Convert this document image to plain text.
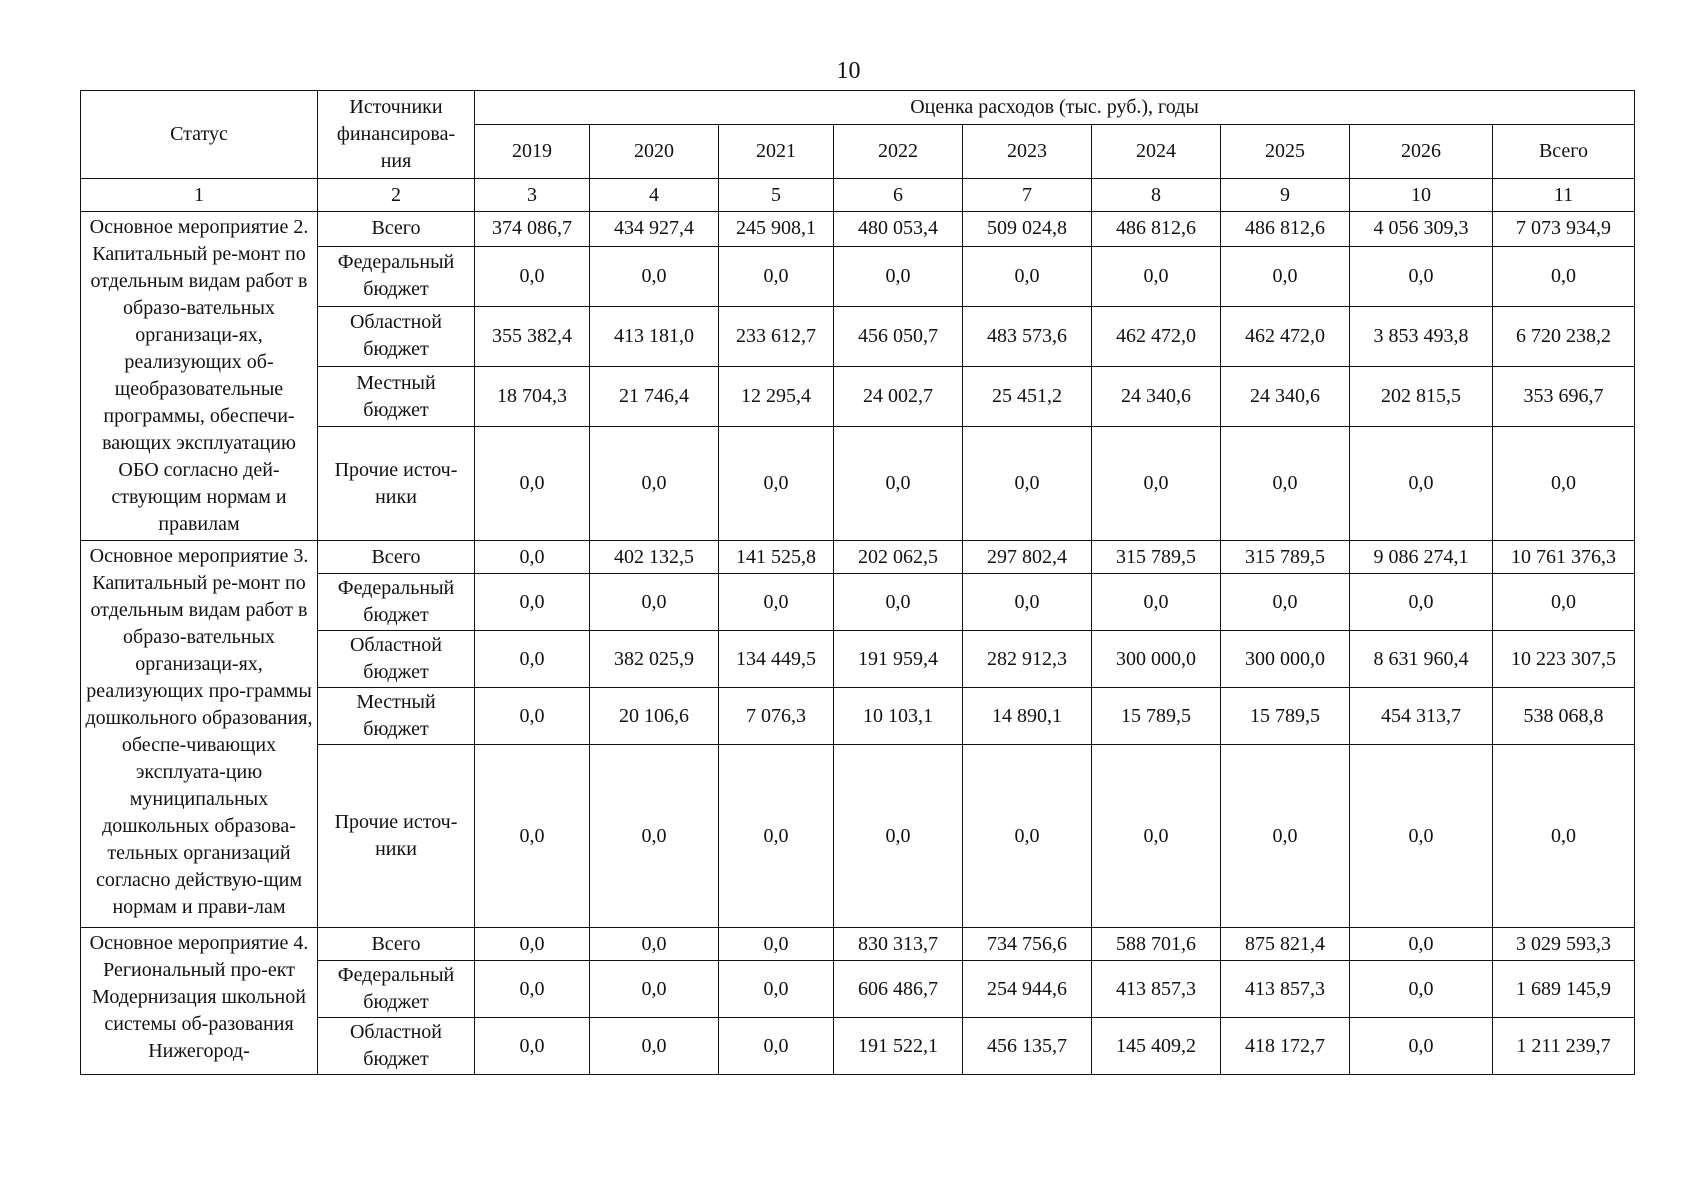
10
Статус	Источники финансирова-ния	Оценка расходов (тыс. руб.), годы								
		2019	2020	2021	2022	2023	2024	2025	2026	Всего
1	2	3	4	5	6	7	8	9	10	11
Основное мероприятие 2. Капитальный ре-монт по отдельным видам работ в образо-вательных организаци-ях, реализующих об-щеобразовательные программы, обеспечи-вающих эксплуатацию ОБО согласно дей-ствующим нормам и правилам	Всего	374 086,7	434 927,4	245 908,1	480 053,4	509 024,8	486 812,6	486 812,6	4 056 309,3	7 073 934,9
	Федеральный бюджет	0,0	0,0	0,0	0,0	0,0	0,0	0,0	0,0	0,0
	Областной бюджет	355 382,4	413 181,0	233 612,7	456 050,7	483 573,6	462 472,0	462 472,0	3 853 493,8	6 720 238,2
	Местный бюджет	18 704,3	21 746,4	12 295,4	24 002,7	25 451,2	24 340,6	24 340,6	202 815,5	353 696,7
	Прочие источ-ники	0,0	0,0	0,0	0,0	0,0	0,0	0,0	0,0	0,0
Основное мероприятие 3. Капитальный ре-монт по отдельным видам работ в образо-вательных организаци-ях, реализующих про-граммы дошкольного образования, обеспе-чивающих эксплуата-цию муниципальных дошкольных образова-тельных организаций согласно действую-щим нормам и прави-лам	Всего	0,0	402 132,5	141 525,8	202 062,5	297 802,4	315 789,5	315 789,5	9 086 274,1	10 761 376,3
	Федеральный бюджет	0,0	0,0	0,0	0,0	0,0	0,0	0,0	0,0	0,0
	Областной бюджет	0,0	382 025,9	134 449,5	191 959,4	282 912,3	300 000,0	300 000,0	8 631 960,4	10 223 307,5
	Местный бюджет	0,0	20 106,6	7 076,3	10 103,1	14 890,1	15 789,5	15 789,5	454 313,7	538 068,8
	Прочие источ-ники	0,0	0,0	0,0	0,0	0,0	0,0	0,0	0,0	0,0
Основное мероприятие 4. Региональный про-ект Модернизация школьной системы об-разования Нижегород-	Всего	0,0	0,0	0,0	830 313,7	734 756,6	588 701,6	875 821,4	0,0	3 029 593,3
	Федеральный бюджет	0,0	0,0	0,0	606 486,7	254 944,6	413 857,3	413 857,3	0,0	1 689 145,9
	Областной бюджет	0,0	0,0	0,0	191 522,1	456 135,7	145 409,2	418 172,7	0,0	1 211 239,7
